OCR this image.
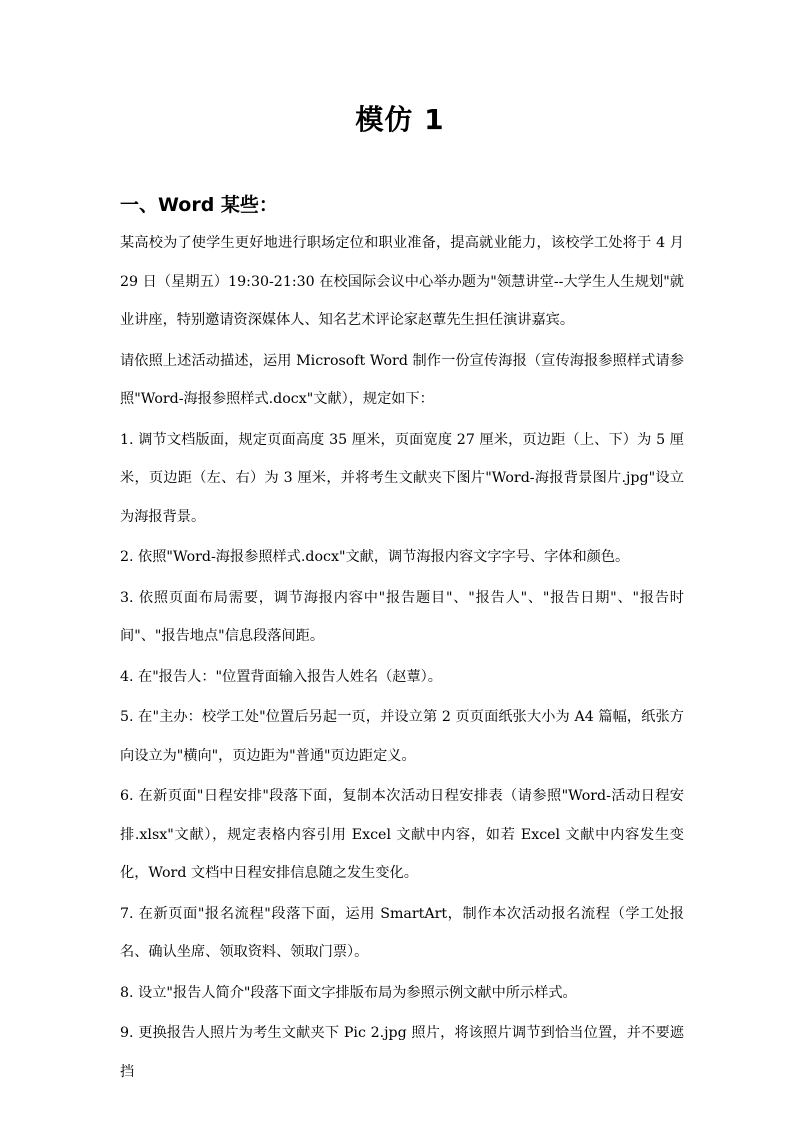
模仿 1
一、Word 某些：

某高校为了使学生更好地进行职场定位和职业准备，提高就业能力，该校学工处将于 4 月 29 日（星期五）19:30-21:30 在校国际会议中心举办题为"领慧讲堂--大学生人生规划"就业讲座，特别邀请资深媒体人、知名艺术评论家赵蕈先生担任演讲嘉宾。

请依照上述活动描述，运用 Microsoft Word 制作一份宣传海报（宣传海报参照样式请参照"Word-海报参照样式.docx"文献），规定如下：

1. 调节文档版面，规定页面高度 35 厘米，页面宽度 27 厘米，页边距（上、下）为 5 厘米，页边距（左、右）为 3 厘米，并将考生文献夹下图片"Word-海报背景图片.jpg"设立为海报背景。

2. 依照"Word-海报参照样式.docx"文献，调节海报内容文字字号、字体和颜色。

3. 依照页面布局需要，调节海报内容中"报告题目"、"报告人"、"报告日期"、"报告时间"、"报告地点"信息段落间距。

4. 在"报告人："位置背面输入报告人姓名（赵蕈）。

5. 在"主办：校学工处"位置后另起一页，并设立第 2 页页面纸张大小为 A4 篇幅，纸张方向设立为"横向"，页边距为"普通"页边距定义。

6. 在新页面"日程安排"段落下面，复制本次活动日程安排表（请参照"Word-活动日程安排.xlsx"文献），规定表格内容引用 Excel 文献中内容，如若 Excel 文献中内容发生变化，Word 文档中日程安排信息随之发生变化。

7. 在新页面"报名流程"段落下面，运用 SmartArt，制作本次活动报名流程（学工处报名、确认坐席、领取资料、领取门票）。

8. 设立"报告人简介"段落下面文字排版布局为参照示例文献中所示样式。

9. 更换报告人照片为考生文献夹下 Pic 2.jpg 照片，将该照片调节到恰当位置，并不要遮挡
